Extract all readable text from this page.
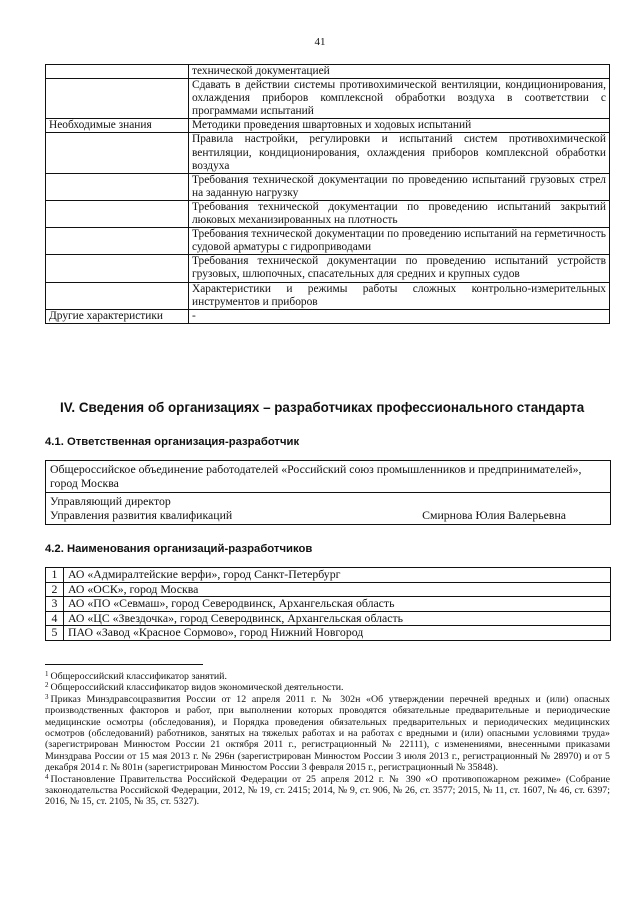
41
	технической документацией
	Сдавать в действии системы противохимической вентиляции, кондиционирования, охлаждения приборов комплексной обработки воздуха в соответствии с программами испытаний
Необходимые знания	Методики проведения швартовных и ходовых испытаний
	Правила настройки, регулировки и испытаний систем противохимической вентиляции, кондиционирования, охлаждения приборов комплексной обработки воздуха
	Требования технической документации по проведению испытаний грузовых стрел на заданную нагрузку
	Требования технической документации по проведению испытаний закрытий люковых механизированных на плотность
	Требования технической документации по проведению испытаний на герметичность судовой арматуры с гидроприводами
	Требования технической документации по проведению испытаний устройств грузовых, шлюпочных, спасательных для средних и крупных судов
	Характеристики и режимы работы сложных контрольно-измерительных инструментов и приборов
Другие характеристики	-
IV. Сведения об организациях – разработчиках профессионального стандарта
4.1. Ответственная организация-разработчик
Общероссийское объединение работодателей «Российский союз промышленников и предпринимателей», город Москва

Управляющий директор
Управления развития квалификаций	Смирнова Юлия Валерьевна
4.2. Наименования организаций-разработчиков
1	АО «Адмиралтейские верфи», город Санкт-Петербург
2	АО «ОСК», город Москва
3	АО «ПО «Севмаш», город Северодвинск, Архангельская область
4	АО «ЦС «Звездочка», город Северодвинск, Архангельская область
5	ПАО «Завод «Красное Сормово», город Нижний Новгород
$^1$ Общероссийский классификатор занятий.
$^2$ Общероссийский классификатор видов экономической деятельности.
$^3$ Приказ Минздравсоцразвития России от 12 апреля 2011 г. № 302н «Об утверждении перечней вредных и (или) опасных производственных факторов и работ, при выполнении которых проводятся обязательные предварительные и периодические медицинские осмотры (обследования), и Порядка проведения обязательных предварительных и периодических медицинских осмотров (обследований) работников, занятых на тяжелых работах и на работах с вредными и (или) опасными условиями труда» (зарегистрирован Минюстом России 21 октября 2011 г., регистрационный № 22111), с изменениями, внесенными приказами Минздрава России от 15 мая 2013 г. № 296н (зарегистрирован Минюстом России 3 июля 2013 г., регистрационный № 28970) и от 5 декабря 2014 г. № 801н (зарегистрирован Минюстом России 3 февраля 2015 г., регистрационный № 35848).
$^4$ Постановление Правительства Российской Федерации от 25 апреля 2012 г. № 390 «О противопожарном режиме» (Собрание законодательства Российской Федерации, 2012, № 19, ст. 2415; 2014, № 9, ст. 906, № 26, ст. 3577; 2015, № 11, ст. 1607, № 46, ст. 6397; 2016, № 15, ст. 2105, № 35, ст. 5327).
